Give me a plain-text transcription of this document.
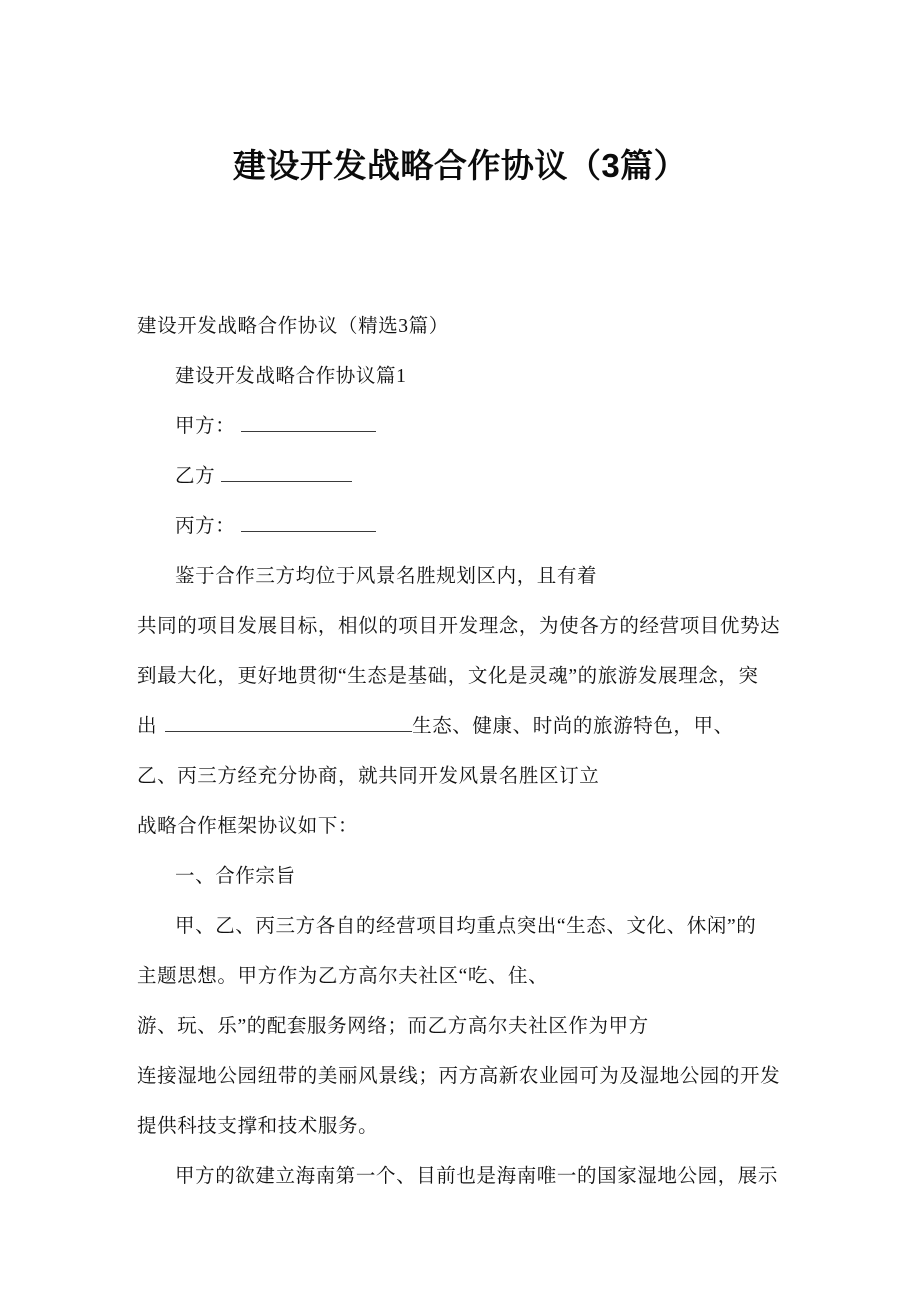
建设开发战略合作协议（3篇）
建设开发战略合作协议（精选3篇）
建设开发战略合作协议篇1
甲方：
乙方
丙方：
鉴于合作三方均位于风景名胜规划区内，且有着
共同的项目发展目标，相似的项目开发理念，为使各方的经营项目优势达
到最大化，更好地贯彻“生态是基础，文化是灵魂”的旅游发展理念，突
出	生态、健康、时尚的旅游特色，甲、
乙、丙三方经充分协商，就共同开发风景名胜区订立
战略合作框架协议如下：
一、合作宗旨
甲、乙、丙三方各自的经营项目均重点突出“生态、文化、休闲”的
主题思想。甲方作为乙方高尔夫社区“吃、住、
游、玩、乐”的配套服务网络；而乙方高尔夫社区作为甲方
连接湿地公园纽带的美丽风景线；丙方高新农业园可为及湿地公园的开发
提供科技支撑和技术服务。
甲方的欲建立海南第一个、目前也是海南唯一的国家湿地公园，展示
